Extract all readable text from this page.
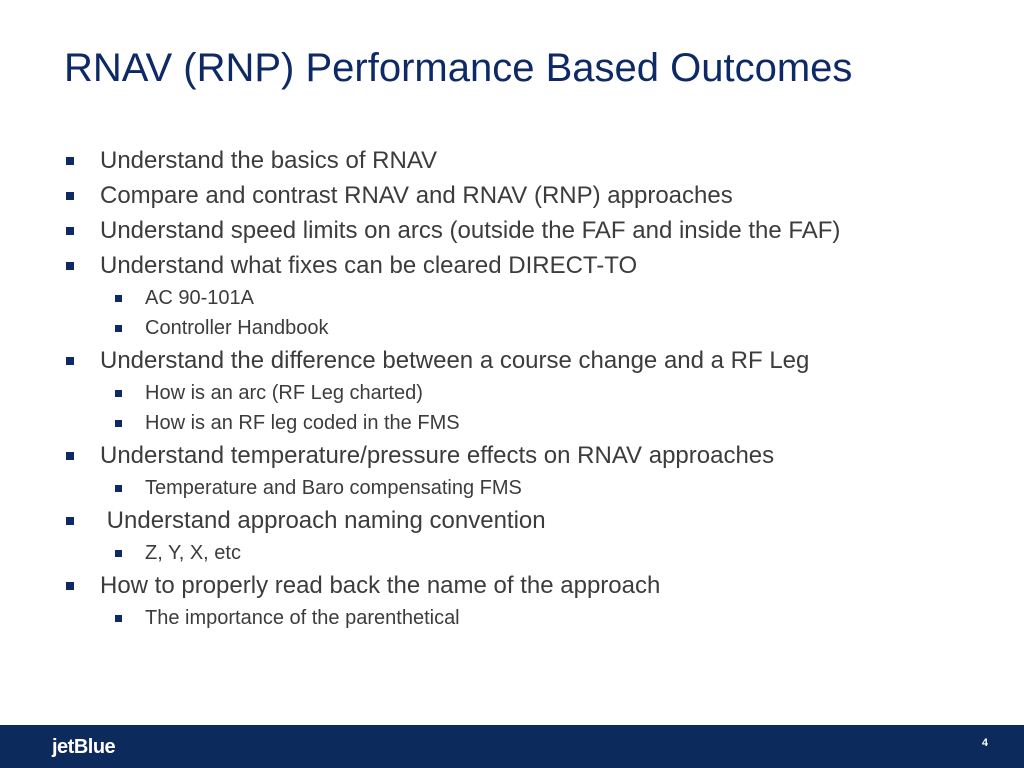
RNAV (RNP) Performance Based Outcomes
Understand the basics of RNAV
Compare and contrast RNAV and RNAV (RNP) approaches
Understand speed limits on arcs (outside the FAF and inside the FAF)
Understand what fixes can be cleared DIRECT-TO
AC 90-101A
Controller Handbook
Understand the difference between a course change and a RF Leg
How is an arc (RF Leg charted)
How is an RF leg coded in the FMS
Understand temperature/pressure effects on RNAV approaches
Temperature and Baro compensating FMS
Understand approach naming convention
Z, Y, X, etc
How to properly read back the name of the approach
The importance of the parenthetical
jetBlue	4
